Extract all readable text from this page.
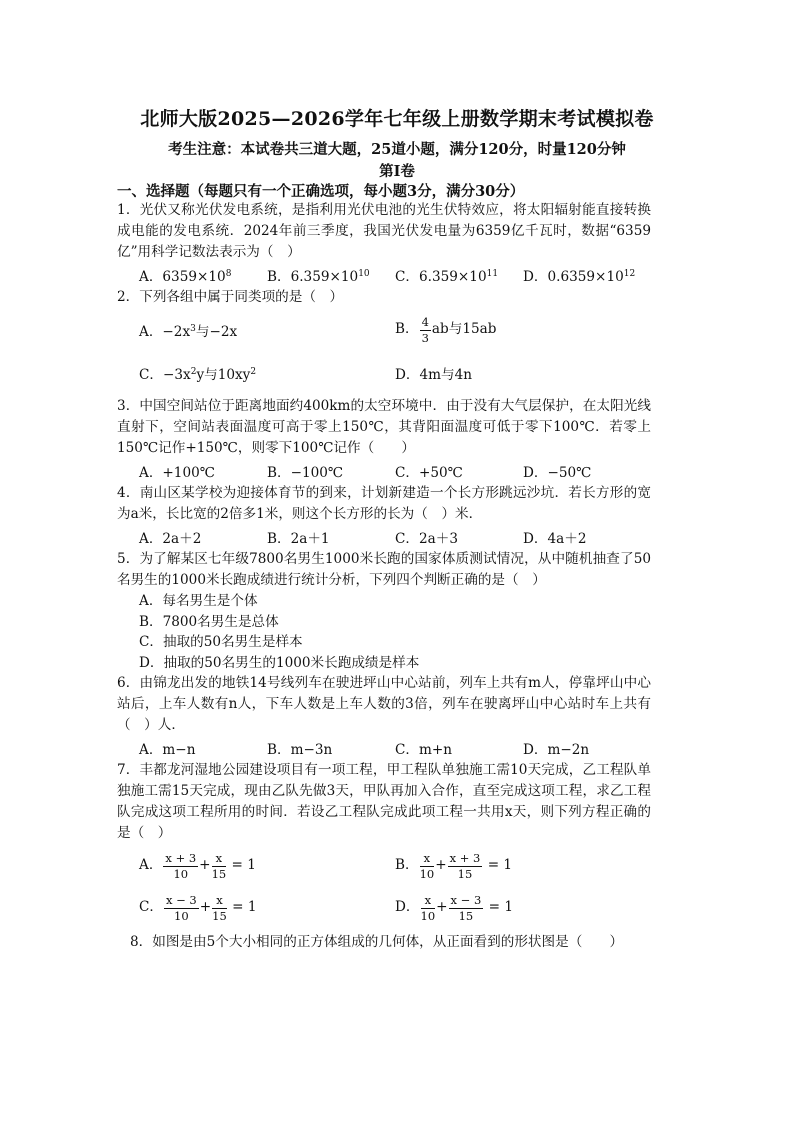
北师大版2025—2026学年七年级上册数学期末考试模拟卷
考生注意：本试卷共三道大题，25道小题，满分120分，时量120分钟
第Ⅰ卷
一、选择题（每题只有一个正确选项，每小题3分，满分30分）

1．光伏又称光伏发电系统，是指利用光伏电池的光生伏特效应，将太阳辐射能直接转换成电能的发电系统．2024年前三季度，我国光伏发电量为6359亿千瓦时，数据“6359亿”用科学记数法表示为（　）

A．$6359\times 10^8$	B．$6.359\times 10^{10}$	C．$6.359\times 10^{11}$	D．$0.6359\times 10^{12}$

2．下列各组中属于同类项的是（　）

A．$-2x^3$与−2x	B． $\frac{4}{3}$ ab与15ab
C．$-3x^2y$与$10xy^2$	D．4m与4n

3．中国空间站位于距离地面约400km的太空环境中．由于没有大气层保护，在太阳光线直射下，空间站表面温度可高于零上150℃，其背阳面温度可低于零下100℃．若零上150℃记作+150℃，则零下100℃记作（　　）

A．+100℃	B．−100℃	C．+50℃	D．−50℃

4．南山区某学校为迎接体育节的到来，计划新建造一个长方形跳远沙坑．若长方形的宽为a米，长比宽的2倍多1米，则这个长方形的长为（　）米．

A．2a＋2	B．2a＋1	C．2a＋3	D．4a＋2

5．为了解某区七年级7800名男生1000米长跑的国家体质测试情况，从中随机抽查了50名男生的1000米长跑成绩进行统计分析，下列四个判断正确的是（　）

A．每名男生是个体
B．7800名男生是总体
C．抽取的50名男生是样本
D．抽取的50名男生的1000米长跑成绩是样本

6．由锦龙出发的地铁14号线列车在驶进坪山中心站前，列车上共有m人，停靠坪山中心站后，上车人数有n人，下车人数是上车人数的3倍，列车在驶离坪山中心站时车上共有（　）人．

A．m−n	B．m−3n	C．m+n	D．m−2n

7．丰都龙河湿地公园建设项目有一项工程，甲工程队单独施工需10天完成，乙工程队单独施工需15天完成，现由乙队先做3天，甲队再加入合作，直至完成这项工程，求乙工程队完成这项工程所用的时间．若设乙工程队完成此项工程一共用x天，则下列方程正确的是（　）

A． $\frac{x + 3}{10} + \frac{x}{15} = 1$	B． $\frac{x}{10} + \frac{x + 3}{15} = 1$
C． $\frac{x - 3}{10} + \frac{x}{15} = 1$	D． $\frac{x}{10} + \frac{x - 3}{15} = 1$

8．如图是由5个大小相同的正方体组成的几何体，从正面看到的形状图是（　　）
